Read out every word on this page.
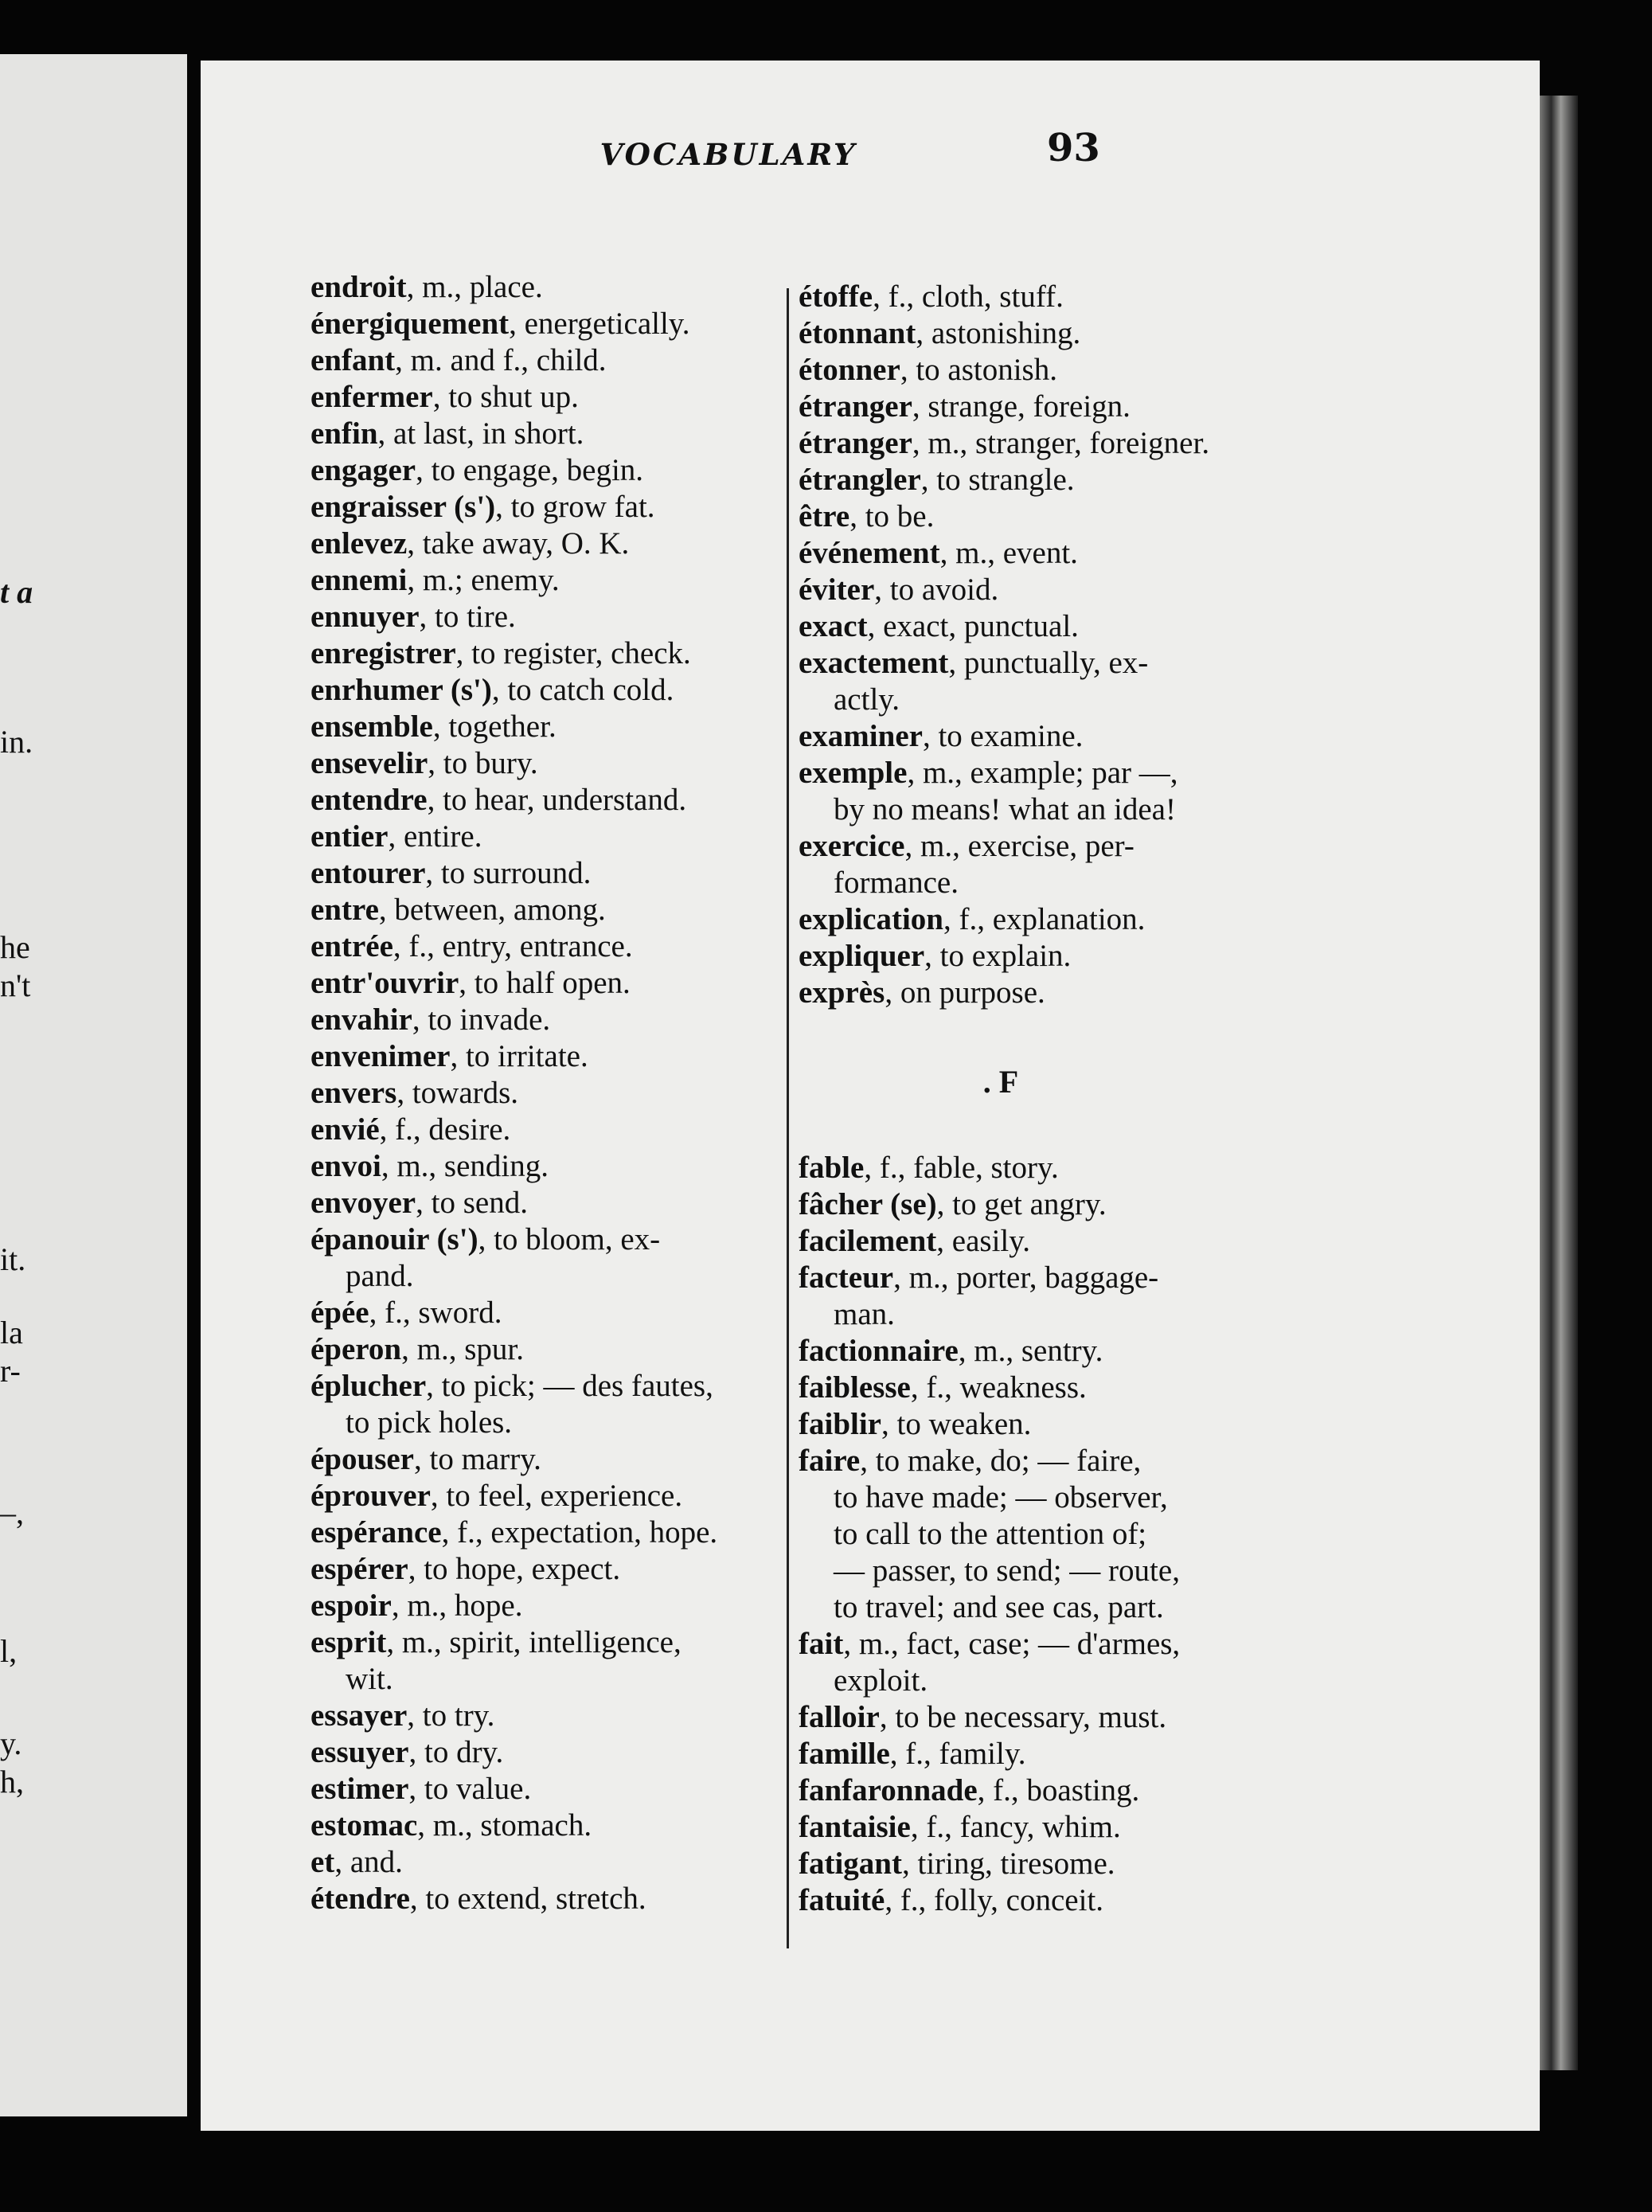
t a
in.
he
n't
it.
la
r-
–,
l,
y.
h,
VOCABULARY	93
endroit, m., place.
énergiquement, energetically.
enfant, m. and f., child.
enfermer, to shut up.
enfin, at last, in short.
engager, to engage, begin.
engraisser (s'), to grow fat.
enlevez, take away, O. K.
ennemi, m.; enemy.
ennuyer, to tire.
enregistrer, to register, check.
enrhumer (s'), to catch cold.
ensemble, together.
ensevelir, to bury.
entendre, to hear, understand.
entier, entire.
entourer, to surround.
entre, between, among.
entrée, f., entry, entrance.
entr'ouvrir, to half open.
envahir, to invade.
envenimer, to irritate.
envers, towards.
envié, f., desire.
envoi, m., sending.
envoyer, to send.
épanouir (s'), to bloom, ex-
pand.
épée, f., sword.
éperon, m., spur.
éplucher, to pick; — des fautes,
to pick holes.
épouser, to marry.
éprouver, to feel, experience.
espérance, f., expectation, hope.
espérer, to hope, expect.
espoir, m., hope.
esprit, m., spirit, intelligence,
wit.
essayer, to try.
essuyer, to dry.
estimer, to value.
estomac, m., stomach.
et, and.
étendre, to extend, stretch.
étoffe, f., cloth, stuff.
étonnant, astonishing.
étonner, to astonish.
étranger, strange, foreign.
étranger, m., stranger, foreigner.
étrangler, to strangle.
être, to be.
événement, m., event.
éviter, to avoid.
exact, exact, punctual.
exactement, punctually, ex-
actly.
examiner, to examine.
exemple, m., example; par —,
by no means! what an idea!
exercice, m., exercise, per-
formance.
explication, f., explanation.
expliquer, to explain.
exprès, on purpose.
. F
fable, f., fable, story.
fâcher (se), to get angry.
facilement, easily.
facteur, m., porter, baggage-
man.
factionnaire, m., sentry.
faiblesse, f., weakness.
faiblir, to weaken.
faire, to make, do; — faire,
to have made; — observer,
to call to the attention of;
— passer, to send; — route,
to travel; and see cas, part.
fait, m., fact, case; — d'armes,
exploit.
falloir, to be necessary, must.
famille, f., family.
fanfaronnade, f., boasting.
fantaisie, f., fancy, whim.
fatigant, tiring, tiresome.
fatuité, f., folly, conceit.
